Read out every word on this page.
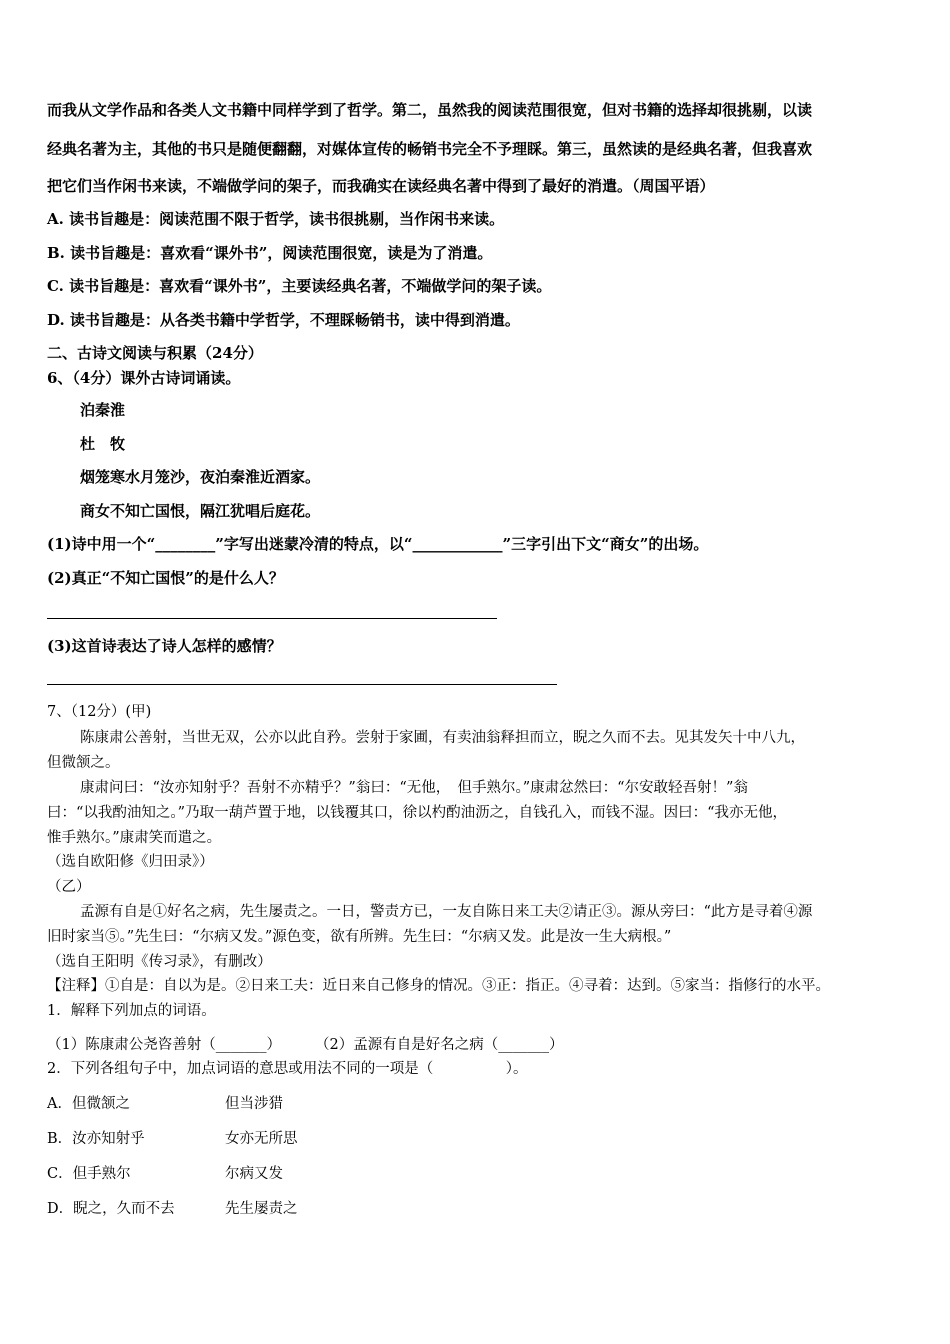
而我从文学作品和各类人文书籍中同样学到了哲学。第二，虽然我的阅读范围很宽，但对书籍的选择却很挑剔，以读
经典名著为主，其他的书只是随便翻翻，对媒体宣传的畅销书完全不予理睬。第三，虽然读的是经典名著，但我喜欢
把它们当作闲书来读，不端做学问的架子，而我确实在读经典名著中得到了最好的消遣。（周国平语）
A. 读书旨趣是：阅读范围不限于哲学，读书很挑剔，当作闲书来读。
B. 读书旨趣是：喜欢看“课外书”，阅读范围很宽，读是为了消遣。
C. 读书旨趣是：喜欢看“课外书”，主要读经典名著，不端做学问的架子读。
D. 读书旨趣是：从各类书籍中学哲学，不理睬畅销书，读中得到消遣。
二、古诗文阅读与积累（24分）
6、（4分）课外古诗词诵读。
泊秦淮
杜　牧
烟笼寒水月笼沙，夜泊秦淮近酒家。
商女不知亡国恨，隔江犹唱后庭花。
(1)诗中用一个“________”字写出迷蒙冷清的特点，以“____________”三字引出下文“商女”的出场。
(2)真正“不知亡国恨”的是什么人？
(3)这首诗表达了诗人怎样的感情？
7、（12分）(甲)
陈康肃公善射，当世无双，公亦以此自矜。尝射于家圃，有卖油翁释担而立，睨之久而不去。见其发矢十中八九，
但微颔之。
康肃问曰：“汝亦知射乎？吾射不亦精乎？”翁曰：“无他，　但手熟尔。”康肃忿然曰：“尔安敢轻吾射！”翁
曰：“以我酌油知之。”乃取一葫芦置于地，以钱覆其口，徐以杓酌油沥之，自钱孔入，而钱不湿。因曰：“我亦无他，
惟手熟尔。”康肃笑而遣之。
（选自欧阳修《归田录》）
（乙）
孟源有自是①好名之病，先生屡责之。一日，警责方已，一友自陈日来工夫②请正③。源从旁曰：“此方是寻着④源
旧时家当⑤。”先生曰：“尔病又发。”源色变，欲有所辨。先生曰：“尔病又发。此是汝一生大病根。”
（选自王阳明《传习录》，有删改）
【注释】①自是：自以为是。②日来工夫：近日来自己修身的情况。③正：指正。④寻着：达到。⑤家当：指修行的水平。
1．解释下列加点的词语。
（1）陈康肃公尧咨善射（_______） （2）孟源有自是好名之病（_______）
2．下列各组句子中，加点词语的意思或用法不同的一项是（　　　　　）。
A．但微颔之	但当涉猎
B．汝亦知射乎	女亦无所思
C．但手熟尔	尔病又发
D．睨之，久而不去	先生屡责之
